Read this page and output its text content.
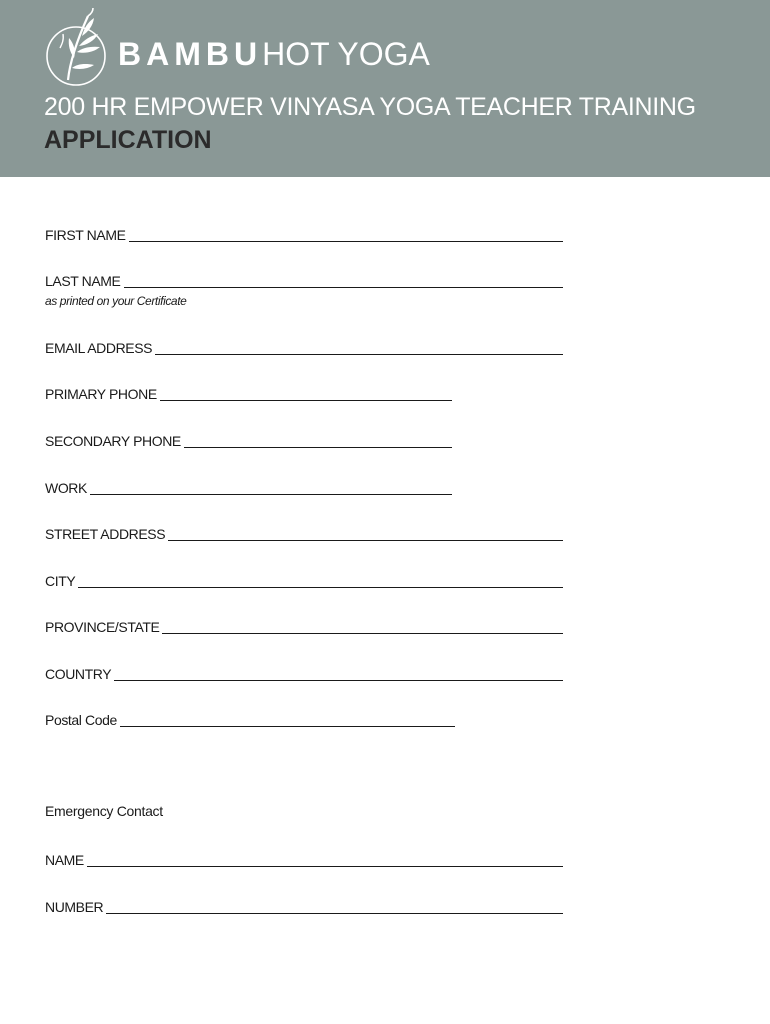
BAMBUHOT YOGA
200 HR EMPOWER VINYASA YOGA TEACHER TRAINING
APPLICATION
FIRST NAME
LAST NAME
as printed on your Certificate
EMAIL ADDRESS
PRIMARY PHONE
SECONDARY PHONE
WORK
STREET ADDRESS
CITY
PROVINCE/STATE
COUNTRY
Postal Code
Emergency Contact
NAME
NUMBER
